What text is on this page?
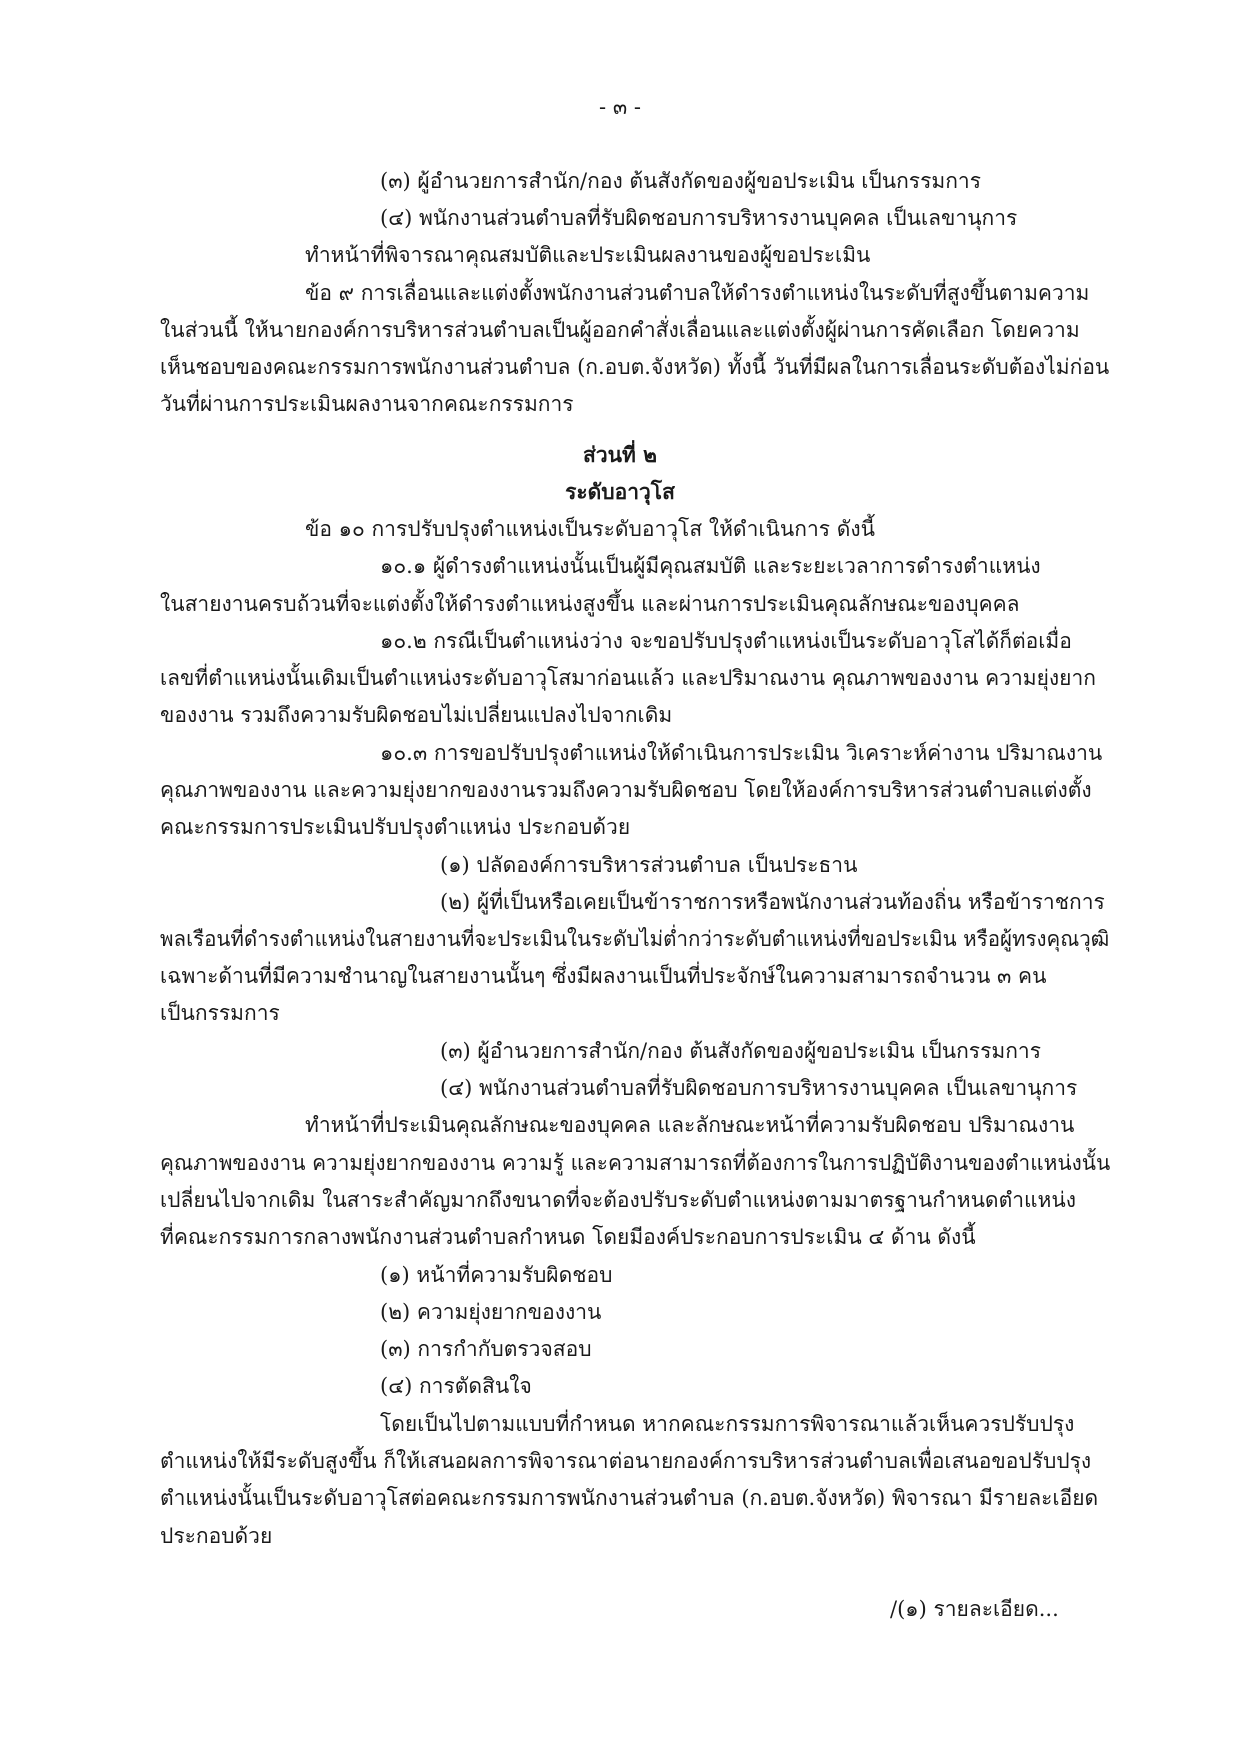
- ๓ -
(๓) ผู้อำนวยการสำนัก/กอง ต้นสังกัดของผู้ขอประเมิน เป็นกรรมการ
(๔) พนักงานส่วนตำบลที่รับผิดชอบการบริหารงานบุคคล เป็นเลขานุการ
ทำหน้าที่พิจารณาคุณสมบัติและประเมินผลงานของผู้ขอประเมิน
ข้อ ๙ การเลื่อนและแต่งตั้งพนักงานส่วนตำบลให้ดำรงตำแหน่งในระดับที่สูงขึ้นตามความ
ในส่วนนี้ ให้นายกองค์การบริหารส่วนตำบลเป็นผู้ออกคำสั่งเลื่อนและแต่งตั้งผู้ผ่านการคัดเลือก โดยความ
เห็นชอบของคณะกรรมการพนักงานส่วนตำบล (ก.อบต.จังหวัด) ทั้งนี้ วันที่มีผลในการเลื่อนระดับต้องไม่ก่อน
วันที่ผ่านการประเมินผลงานจากคณะกรรมการ
ส่วนที่ ๒
ระดับอาวุโส
ข้อ ๑๐ การปรับปรุงตำแหน่งเป็นระดับอาวุโส ให้ดำเนินการ ดังนี้
๑๐.๑ ผู้ดำรงตำแหน่งนั้นเป็นผู้มีคุณสมบัติ และระยะเวลาการดำรงตำแหน่ง
ในสายงานครบถ้วนที่จะแต่งตั้งให้ดำรงตำแหน่งสูงขึ้น และผ่านการประเมินคุณลักษณะของบุคคล
๑๐.๒ กรณีเป็นตำแหน่งว่าง จะขอปรับปรุงตำแหน่งเป็นระดับอาวุโสได้ก็ต่อเมื่อ
เลขที่ตำแหน่งนั้นเดิมเป็นตำแหน่งระดับอาวุโสมาก่อนแล้ว และปริมาณงาน คุณภาพของงาน ความยุ่งยาก
ของงาน รวมถึงความรับผิดชอบไม่เปลี่ยนแปลงไปจากเดิม
๑๐.๓ การขอปรับปรุงตำแหน่งให้ดำเนินการประเมิน วิเคราะห์ค่างาน ปริมาณงาน
คุณภาพของงาน และความยุ่งยากของงานรวมถึงความรับผิดชอบ โดยให้องค์การบริหารส่วนตำบลแต่งตั้ง
คณะกรรมการประเมินปรับปรุงตำแหน่ง ประกอบด้วย
(๑) ปลัดองค์การบริหารส่วนตำบล เป็นประธาน
(๒) ผู้ที่เป็นหรือเคยเป็นข้าราชการหรือพนักงานส่วนท้องถิ่น หรือข้าราชการ
พลเรือนที่ดำรงตำแหน่งในสายงานที่จะประเมินในระดับไม่ต่ำกว่าระดับตำแหน่งที่ขอประเมิน หรือผู้ทรงคุณวุฒิ
เฉพาะด้านที่มีความชำนาญในสายงานนั้นๆ ซึ่งมีผลงานเป็นที่ประจักษ์ในความสามารถจำนวน ๓ คน
เป็นกรรมการ
(๓) ผู้อำนวยการสำนัก/กอง ต้นสังกัดของผู้ขอประเมิน เป็นกรรมการ
(๔) พนักงานส่วนตำบลที่รับผิดชอบการบริหารงานบุคคล เป็นเลขานุการ
ทำหน้าที่ประเมินคุณลักษณะของบุคคล และลักษณะหน้าที่ความรับผิดชอบ ปริมาณงาน
คุณภาพของงาน ความยุ่งยากของงาน ความรู้ และความสามารถที่ต้องการในการปฏิบัติงานของตำแหน่งนั้น
เปลี่ยนไปจากเดิม ในสาระสำคัญมากถึงขนาดที่จะต้องปรับระดับตำแหน่งตามมาตรฐานกำหนดตำแหน่ง
ที่คณะกรรมการกลางพนักงานส่วนตำบลกำหนด โดยมีองค์ประกอบการประเมิน ๔ ด้าน ดังนี้
(๑) หน้าที่ความรับผิดชอบ
(๒) ความยุ่งยากของงาน
(๓) การกำกับตรวจสอบ
(๔) การตัดสินใจ
โดยเป็นไปตามแบบที่กำหนด หากคณะกรรมการพิจารณาแล้วเห็นควรปรับปรุง
ตำแหน่งให้มีระดับสูงขึ้น ก็ให้เสนอผลการพิจารณาต่อนายกองค์การบริหารส่วนตำบลเพื่อเสนอขอปรับปรุง
ตำแหน่งนั้นเป็นระดับอาวุโสต่อคณะกรรมการพนักงานส่วนตำบล (ก.อบต.จังหวัด) พิจารณา มีรายละเอียด
ประกอบด้วย
/(๑) รายละเอียด...
